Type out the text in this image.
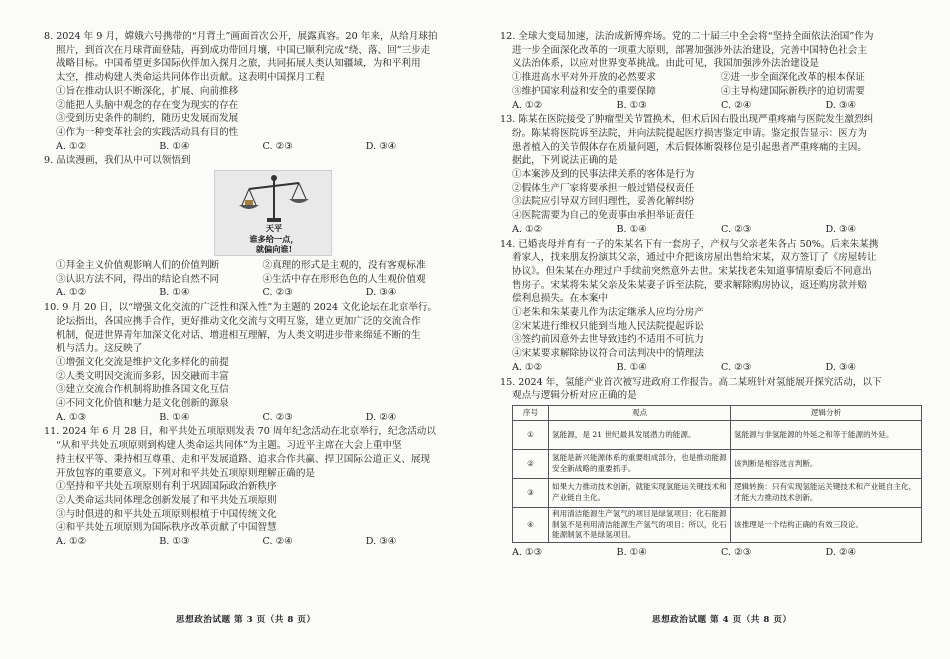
8. 2024 年 9 月，嫦娥六号携带的“月背土”画面首次公开，展露真容。20 年来，从给月球拍
照片，到首次在月球背面登陆，再到成功带回月壤，中国已顺利完成“绕、落、回”三步走
战略目标。中国希望更多国际伙伴加入探月之旅，共同拓展人类认知疆域，为和平利用
太空，推动构建人类命运共同体作出贡献。这表明中国探月工程
①旨在推动认识不断深化，扩展、向前推移
②能把人头脑中观念的存在变为现实的存在
③受到历史条件的制约，随历史发展而发展
④作为一种变革社会的实践活动具有目的性
A. ①②	B. ①④	C. ②③	D. ③④
9. 品读漫画，我们从中可以领悟到
天平
谁多给一点，
就偏向谁!
①拜金主义价值观影响人们的价值判断	②真理的形式是主观的，没有客观标准
③认识方法不同，得出的结论自然不同	④生活中存在形形色色的人生观价值观
A. ①②	B. ①④	C. ②③	D. ③④
10. 9 月 20 日，以“增强文化交流的广泛性和深入性”为主题的 2024 文化论坛在北京举行。
论坛指出，各国应携手合作，更好推动文化交流与文明互鉴，建立更加广泛的交流合作
机制，促进世界青年加深文化对话、增进相互理解，为人类文明进步带来绵延不断的生
机与活力。这反映了
①增强文化交流是维护文化多样化的前提
②人类文明因交流而多彩，因交融而丰富
③建立交流合作机制将助推各国文化互信
④不同文化价值和魅力是文化创新的源泉
A. ①③	B. ①④	C. ②③	D. ②④
11. 2024 年 6 月 28 日，和平共处五项原则发表 70 周年纪念活动在北京举行，纪念活动以
“从和平共处五项原则到构建人类命运共同体”为主题。习近平主席在大会上重申坚
持主权平等、秉持相互尊重、走和平发展道路、追求合作共赢、捍卫国际公道正义、展现
开放包容的重要意义。下列对和平共处五项原则理解正确的是
①坚持和平共处五项原则有利于巩固国际政治新秩序
②人类命运共同体理念创新发展了和平共处五项原则
③与时俱进的和平共处五项原则根植于中国传统文化
④和平共处五项原则为国际秩序改革贡献了中国智慧
A. ①②	B. ①③	C. ②④	D. ③④
12. 全球大变局加速，法治成新博弈场。党的二十届三中全会将“坚持全面依法治国”作为
进一步全面深化改革的一项重大原则，部署加强涉外法治建设，完善中国特色社会主
义法治体系，以应对世界变革挑战。由此可见，我国加强涉外法治建设是
①推进高水平对外开放的必然要求	②进一步全面深化改革的根本保证
③维护国家利益和安全的重要保障	④主导构建国际新秩序的迫切需要
A. ①②	B. ①③	C. ②④	D. ③④
13. 陈某在医院接受了肿瘤型关节置换术，但术后因右股出现严重疼痛与医院发生激烈纠
纷。陈某将医院诉至法院，并向法院提起医疗损害鉴定申请。鉴定报告显示：医方为
患者植入的关节假体存在质量问题，术后假体断裂移位是引起患者严重疼痛的主因。
据此，下列说法正确的是
①本案涉及到的民事法律关系的客体是行为
②假体生产厂家将要承担一般过错侵权责任
③法院应引导双方回归理性，妥善化解纠纷
④医院需要为自己的免责事由承担举证责任
A. ①②	B. ①④	C. ②③	D. ③④
14. 已婚丧母并育有一子的朱某名下有一套房子，产权与父亲老朱各占 50%。后来朱某携
着家人，找来朋友扮演其父亲，通过中介把该房屋出售给宋某，双方签订了《房屋转让
协议》。但朱某在办理过户手续前突然意外去世。宋某找老朱知道事情原委后不同意出
售房子。宋某将朱某父亲及朱某妻子诉至法院，要求解除购房协议，返还购房款并赔
偿利息损失。在本案中
①老朱和朱某妻儿作为法定继承人应均分房产
②宋某进行维权只能到当地人民法院提起诉讼
③签约前因意外去世导致违约不适用不可抗力
④宋某要求解除协议符合司法判决中的情理法
A. ①②	B. ①④	C. ②③	D. ③④
15. 2024 年，氢能产业首次被写进政府工作报告。高二某班针对氢能展开探究活动，以下
观点与逻辑分析对应正确的是
序号	观点	逻辑分析
①	氢能源，是 21 世纪最具发展潜力的能源。	氢能源与非氢能源的外延之和等于能源的外延。
②	氢能是新兴能源体系的重要组成部分，也是推动能源安全新战略的重要抓手。	该判断是相容选言判断。
③	如果大力推动技术创新，就能实现氢能运关键技术和产业链自主化。	逻辑转换：只有实现氢能运关键技术和产业链自主化，才能大力推动技术创新。
④	利用清洁能源生产氢气的项目是绿氢项目；化石能源制氢不是利用清洁能源生产氢气的项目；所以，化石能源制氢不是绿氢项目。	该推理是一个结构正确的有效三段论。
A. ①③	B. ①④	C. ②③	D. ②④
思想政治试题 第 3 页（共 8 页）	思想政治试题 第 4 页（共 8 页）
